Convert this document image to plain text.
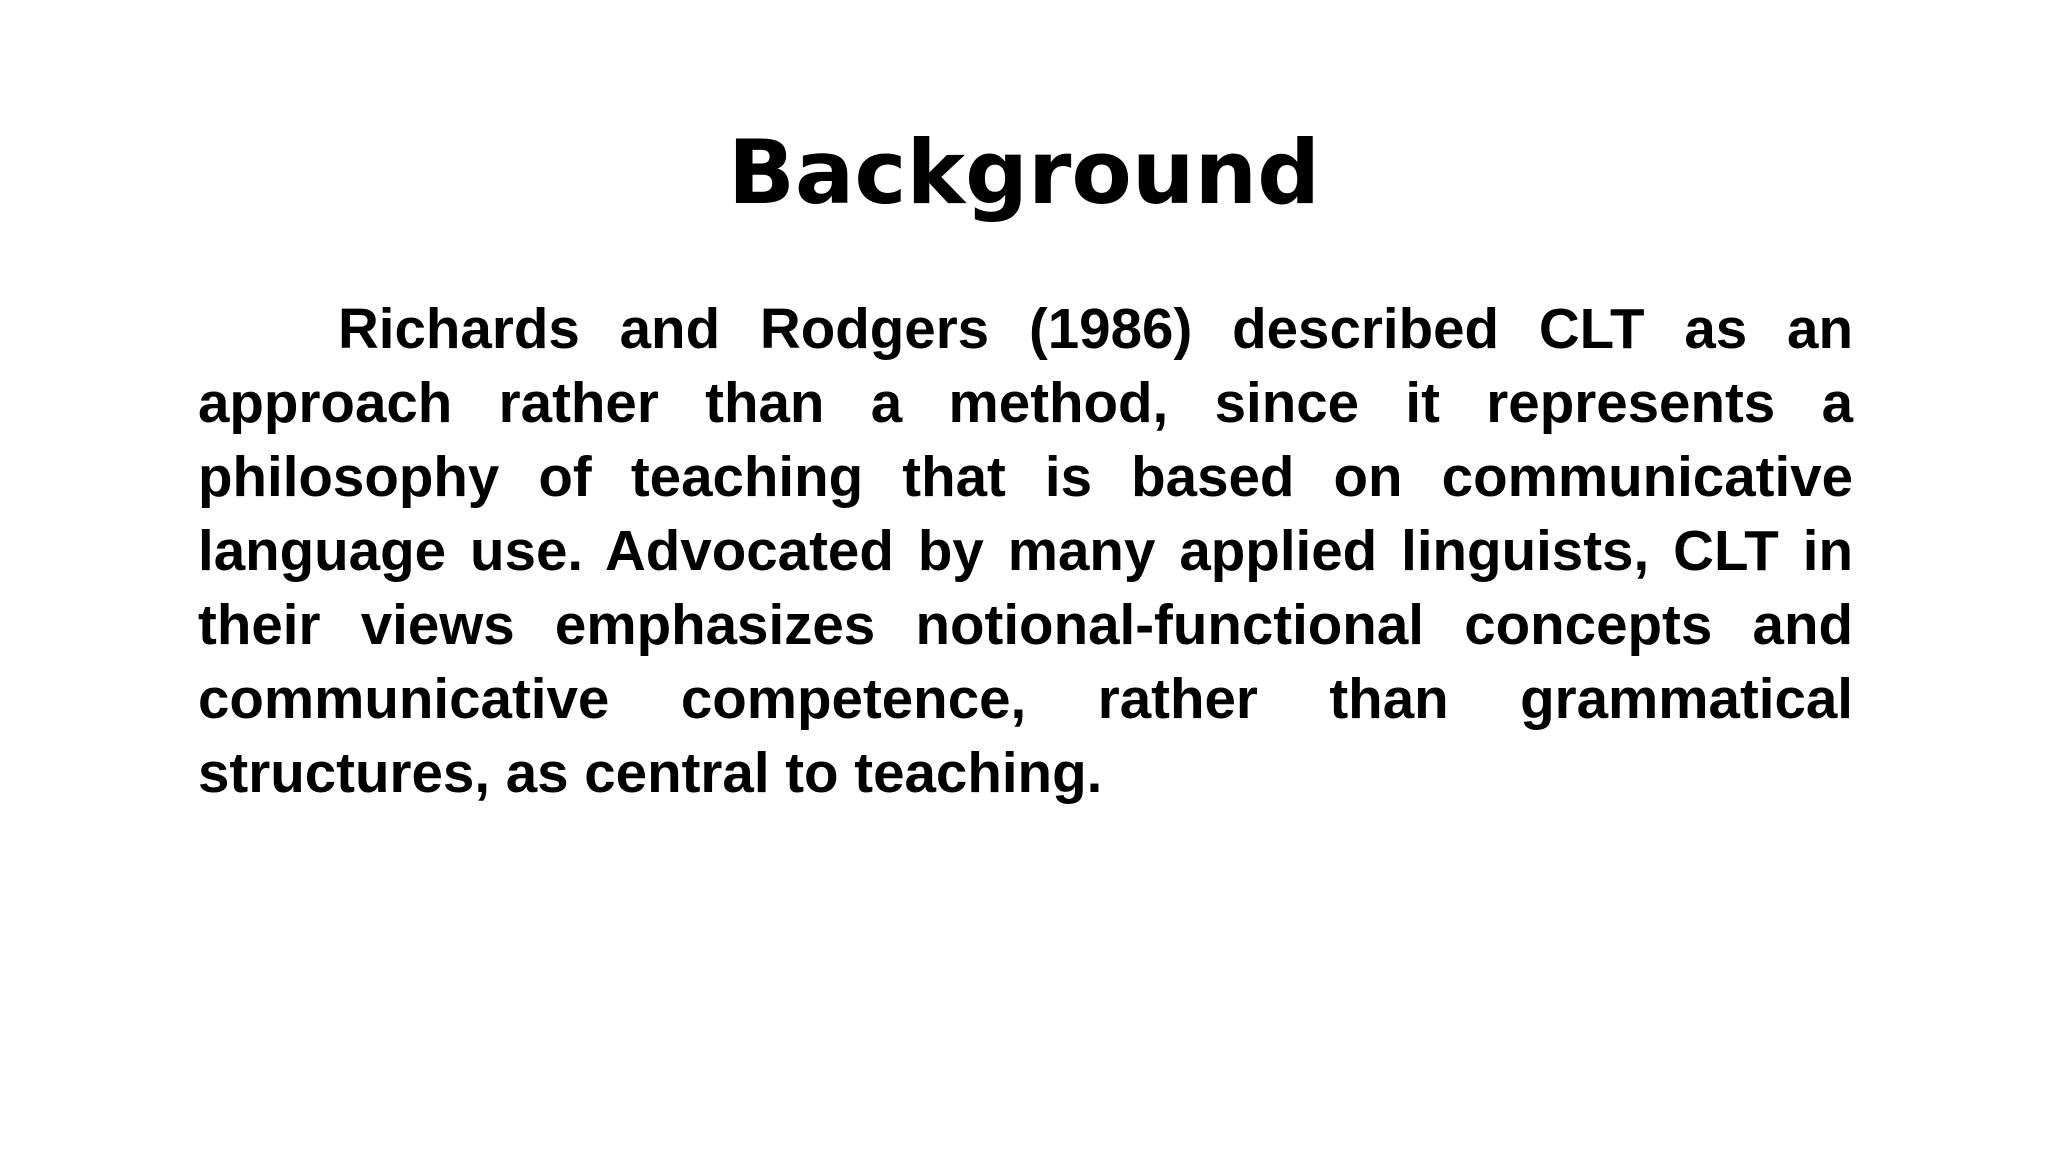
Background

Richards and Rodgers (1986) described CLT as an approach rather than a method, since it represents a philosophy of teaching that is based on communicative language use. Advocated by many applied linguists, CLT in their views emphasizes notional-functional concepts and communicative competence, rather than grammatical structures, as central to teaching.
